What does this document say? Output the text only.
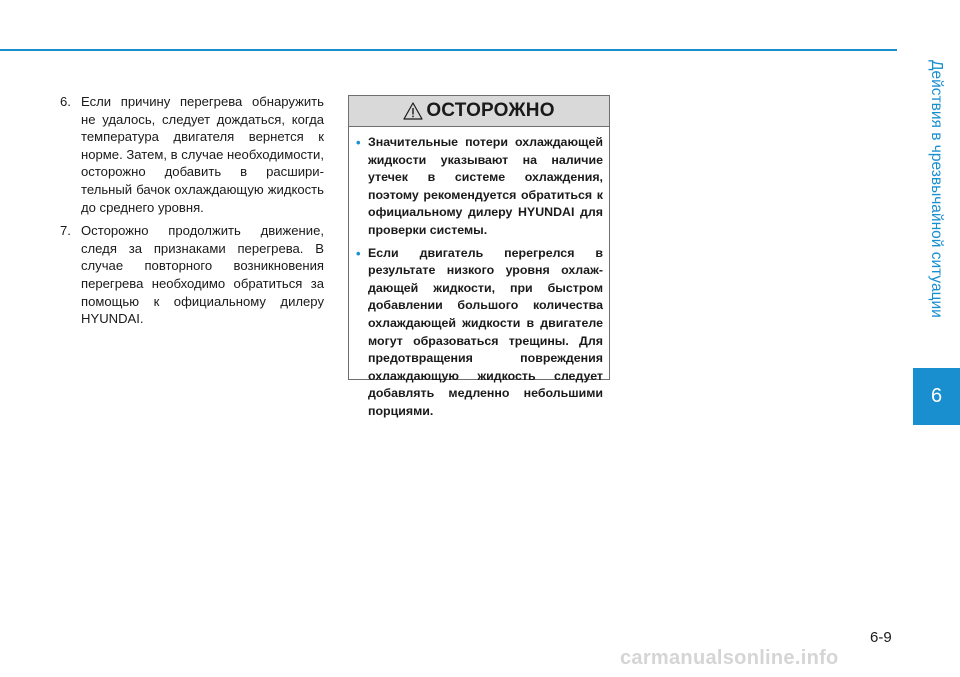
Действия в чрезвычайной ситуации
6
6. Если причину перегрева обнаружить не удалось, следует дождаться, когда температура двигателя вернется к норме. Затем, в случае необходимости, осторожно добавить в расширительный бачок охлаждающую жидкость до среднего уровня.
7. Осторожно продолжить движение, следя за признаками перегрева. В случае повторного возникновения перегрева необходимо обратиться за помощью к официальному дилеру HYUNDAI.
ОСТОРОЖНО
• Значительные потери охлаждающей жидкости указывают на наличие утечек в системе охлаждения, поэтому рекомендуется обратиться к официальному дилеру HYUNDAI для проверки системы.
• Если двигатель перегрелся в результате низкого уровня охлаждающей жидкости, при быстром добавлении большого количества охлаждающей жидкости в двигателе могут образоваться трещины. Для предотвращения повреждения охлаждающую жидкость следует добавлять медленно небольшими порциями.
6-9
carmanualsonline.info
